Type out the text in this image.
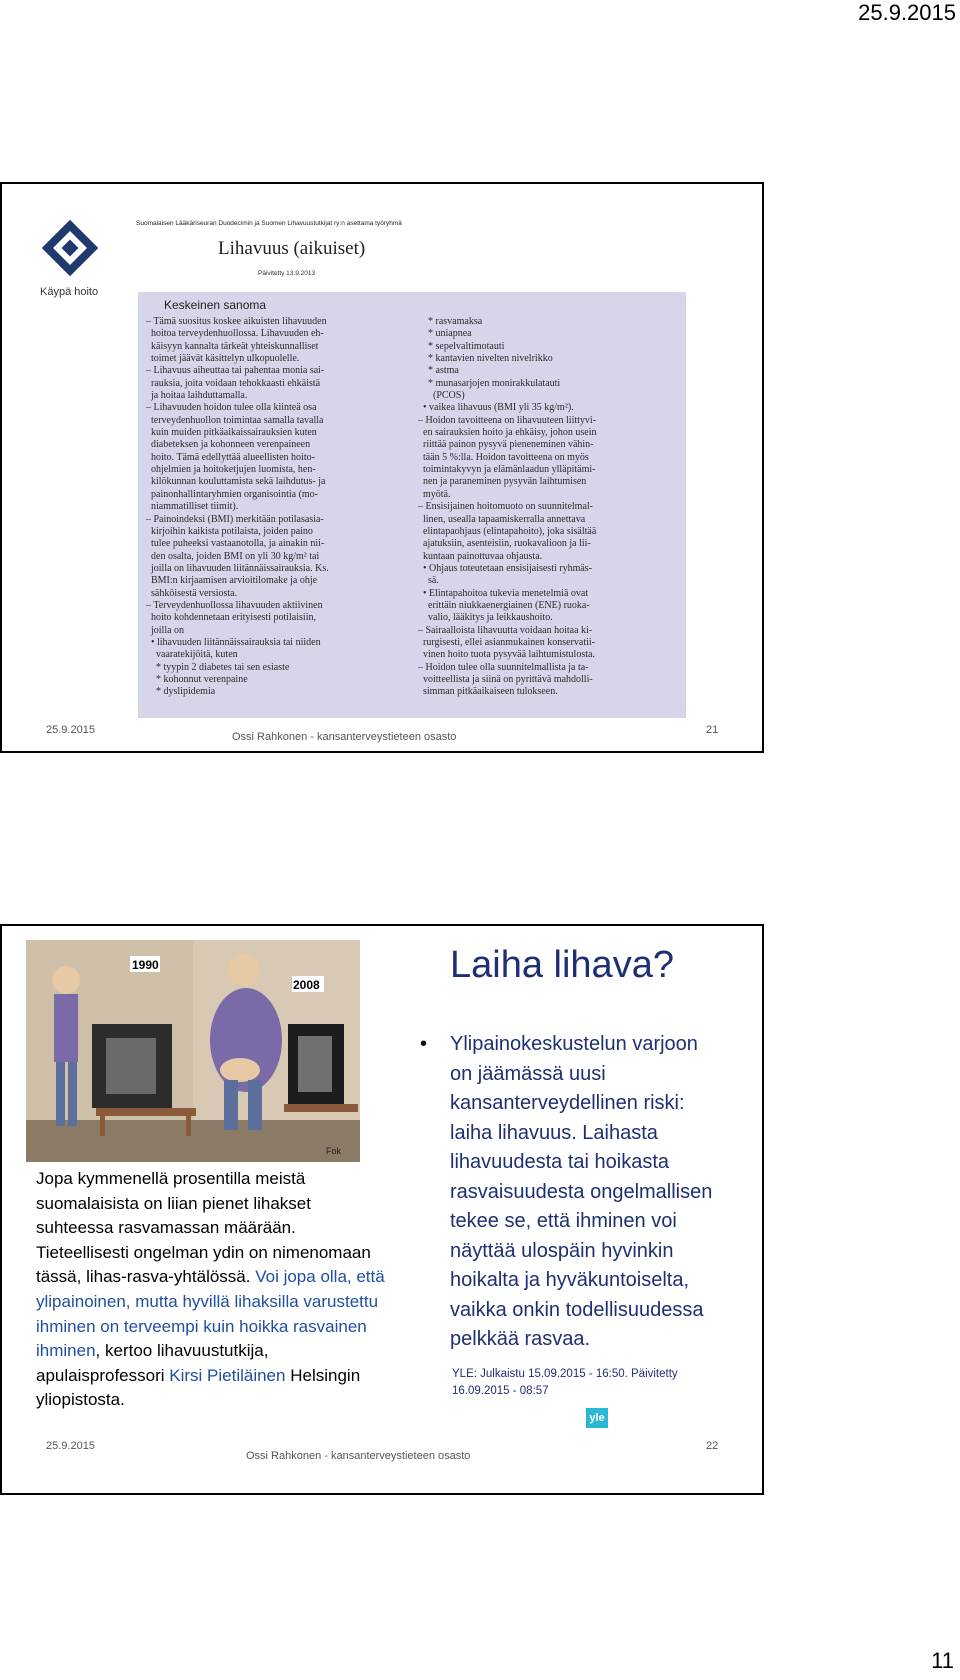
25.9.2015
Käypä hoito
Suomalaisen Lääkäriseuran Duodecimin ja Suomen Lihavuustutkijat ry:n asettama työryhmä
Lihavuus (aikuiset)
Päivitetty 13.9.2013
Keskeinen sanoma
– Tämä suositus koskee aikuisten lihavuuden
hoitoa terveydenhuollossa. Lihavuuden eh-
käisyyn kannalta tärkeät yhteiskunnalliset
toimet jäävät käsittelyn ulkopuolelle.
– Lihavuus aiheuttaa tai pahentaa monia sai-
rauksia, joita voidaan tehokkaasti ehkäistä
ja hoitaa laihduttamalla.
– Lihavuuden hoidon tulee olla kiinteä osa
terveydenhuollon toimintaa samalla tavalla
kuin muiden pitkäaikaissairauksien kuten
diabeteksen ja kohonneen verenpaineen
hoito. Tämä edellyttää alueellisten hoito-
ohjelmien ja hoitoketjujen luomista, hen-
kilökunnan kouluttamista sekä laihdutus- ja
painonhallintaryhmien organisointia (mo-
niammatilliset tiimit).
– Painoindeksi (BMI) merkitään potilasasia-
kirjoihin kaikista potilaista, joiden paino
tulee puheeksi vastaanotolla, ja ainakin nii-
den osalta, joiden BMI on yli 30 kg/m² tai
joilla on lihavuuden liitännäissairauksia. Ks.
BMI:n kirjaamisen arvioitilomake ja ohje
sähköisestä versiosta.
– Terveydenhuollossa lihavuuden aktiivinen
hoito kohdennetaan erityisesti potilaisiin,
joilla on
• lihavuuden liitännäissairauksia tai niiden
vaaratekijöitä, kuten
* tyypin 2 diabetes tai sen esiaste
* kohonnut verenpaine
* dyslipidemia
* rasvamaksa
* uniapnea
* sepelvaltimotauti
* kantavien nivelten nivelrikko
* astma
* munasarjojen monirakkulatauti
(PCOS)
• vaikea lihavuus (BMI yli 35 kg/m²).
– Hoidon tavoitteena on lihavuuteen liittyvi-
en sairauksien hoito ja ehkäisy, johon usein
riittää painon pysyvä pieneneminen vähin-
tään 5 %:lla. Hoidon tavoitteena on myös
toimintakyvyn ja elämänlaadun ylläpitämi-
nen ja paraneminen pysyvän laihtumisen
myötä.
– Ensisijainen hoitomuoto on suunnitelmal-
linen, usealla tapaamiskerralla annettava
elintapaohjaus (elintapahoito), joka sisältää
ajatuksiin, asenteisiin, ruokavalioon ja lii-
kuntaan painottuvaa ohjausta.
• Ohjaus toteutetaan ensisijaisesti ryhmäs-
sä.
• Elintapahoitoa tukevia menetelmiä ovat
erittäin niukkaenergiainen (ENE) ruoka-
valio, lääkitys ja leikkaushoito.
– Sairaalloista lihavuutta voidaan hoitaa ki-
rurgisesti, ellei asianmukainen konservatii-
vinen hoito tuota pysyvää laihtumistulosta.
– Hoidon tulee olla suunnitelmallista ja ta-
voitteellista ja siinä on pyrittävä mahdolli-
simman pitkäaikaiseen tulokseen.
25.9.2015
Ossi Rahkonen - kansanterveystieteen osasto
21
1990
2008
Fok
Jopa kymmenellä prosentilla meistä suomalaisista on liian pienet lihakset suhteessa rasvamassan määrään. Tieteellisesti ongelman ydin on nimenomaan tässä, lihas-rasva-yhtälössä. Voi jopa olla, että ylipainoinen, mutta hyvillä lihaksilla varustettu ihminen on terveempi kuin hoikka rasvainen ihminen, kertoo lihavuustutkija, apulaisprofessori Kirsi Pietiläinen Helsingin yliopistosta.
Laiha lihava?
• Ylipainokeskustelun varjoon on jäämässä uusi kansanterveydellinen riski: laiha lihavuus. Laihasta lihavuudesta tai hoikasta rasvaisuudesta ongelmallisen tekee se, että ihminen voi näyttää ulospäin hyvinkin hoikalta ja hyväkuntoiselta, vaikka onkin todellisuudessa pelkkää rasvaa.
YLE: Julkaistu 15.09.2015 - 16:50. Päivitetty 16.09.2015 - 08:57
yle
25.9.2015
Ossi Rahkonen - kansanterveystieteen osasto
22
11
